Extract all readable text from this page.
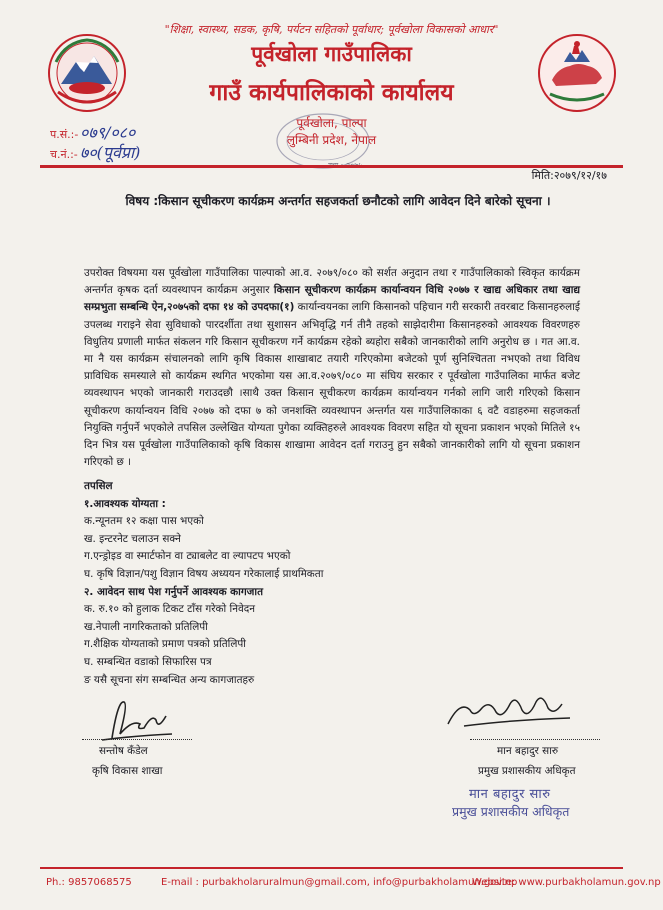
"शिक्षा, स्वास्थ्य, सडक, कृषि, पर्यटन सहितको पूर्वाधार; पूर्वखोला विकासको आधार"
पूर्वखोला गाउँपालिका
गाउँ कार्यपालिकाको कार्यालय
पूर्वखोला, पाल्पा
लुम्बिनी प्रदेश, नेपाल
प.सं.:- ०७९/०८०
च.नं.:- ७०(पूर्वप्रा)
मिति:२०७९/१२/१७
विषय :किसान सूचीकरण कार्यक्रम अन्तर्गत सहजकर्ता छनौटको लागि आवेदन दिने बारेको सूचना ।
उपरोक्त विषयमा यस पूर्वखोला गाउँपालिका पाल्पाको आ.व. २०७९/०८० को सर्शत अनुदान तथा र गाउँपालिकाको स्विकृत कार्यक्रम अन्तर्गत कृषक दर्ता व्यवस्थापन कार्यक्रम अनुसार किसान सूचीकरण कार्यक्रम कार्यान्वयन विधि २०७७ र खाद्य अधिकार तथा खाद्य सम्प्रभुता सम्बन्धि ऐन,२०७५को दफा १४ को उपदफा(१) कार्यान्वयनका लागि किसानको पहिचान गरी सरकारी तवरबाट किसानहरुलाई उपलब्ध गराइने सेवा सुविधाको पारदर्शीता तथा सुशासन अभिवृद्धि गर्न तीनै तहको साझेदारीमा किसानहरुको आवश्यक विवरणहरु विधुतिय प्रणाली मार्फत संकलन गरि किसान सूचीकरण गर्ने कार्यक्रम रहेको ब्यहोरा सबैको जानकारीको लागि अनुरोध छ । गत आ.व. मा नै यस कार्यक्रम संचालनको लागि कृषि विकास शाखाबाट तयारी गरिएकोमा बजेटको पूर्ण सुनिश्चितता नभएको तथा विविध प्राविधिक समस्याले सो कार्यक्रम स्थगित भएकोमा यस आ.व.२०७९/०८० मा संघिय सरकार र पूर्वखोला गाउँपालिका मार्फत बजेट व्यवस्थापन भएको जानकारी गराउदछौ ।साथै उक्त किसान सूचीकरण कार्यक्रम कार्यान्वयन गर्नको लागि जारी गरिएको किसान सूचीकरण कार्यान्वयन विधि २०७७ को दफा ७ को जनशक्ति व्यवस्थापन अन्तर्गत यस गाउँपालिकाका ६ वटै वडाहरुमा सहजकर्ता नियुक्ति गर्नुपर्ने भएकोले तपसिल उल्लेखित योग्यता पुगेका व्यक्तिहरुले आवश्यक विवरण सहित यो सूचना प्रकाशन भएको मितिले १५ दिन भित्र यस पूर्वखोला गाउँपालिकाको कृषि विकास शाखामा आवेदन दर्ता गराउनु हुन सबैको जानकारीको लागि यो सूचना प्रकाशन गरिएको छ ।
तपसिल
१.आवश्यक योग्यता :
क.न्यूनतम १२ कक्षा पास भएको
ख. इन्टरनेट चलाउन सक्ने
ग.एन्ड्रोइड वा स्मार्टफोन वा ट्याबलेट वा ल्यापटप भएको
घ. कृषि विज्ञान/पशु विज्ञान विषय अध्ययन गरेकालाई प्राथमिकता
२. आवेदन साथ पेश गर्नुपर्ने आवश्यक कागजात
क. रु.१० को हुलाक टिकट टाँस गरेको निवेदन
ख.नेपाली नागरिकताको प्रतिलिपी
ग.शैक्षिक योग्यताको प्रमाण पत्रको प्रतिलिपी
घ. सम्बन्धित वडाको सिफारिस पत्र
ङ यसै सूचना संग सम्बन्धित अन्य कागजातहरु
सन्तोष कँडेल
कृषि विकास शाखा
मान बहादुर सारु
प्रमुख प्रशासकीय अधिकृत
मान बहादुर सारु
प्रमुख प्रशासकीय अधिकृत
Ph.: 9857068575	E-mail : purbakholaruralmun@gmail.com, info@purbakholamun.gov.np
Website: www.purbakholamun.gov.np
